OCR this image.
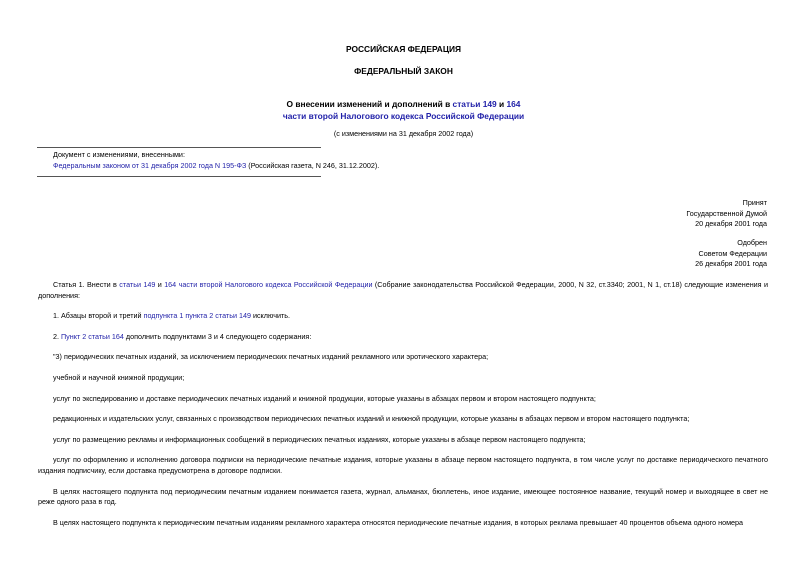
РОССИЙСКАЯ ФЕДЕРАЦИЯ
ФЕДЕРАЛЬНЫЙ ЗАКОН
О внесении изменений и дополнений в статьи 149 и 164
части второй Налогового кодекса Российской Федерации
(с изменениями на 31 декабря 2002 года)
Документ с изменениями, внесенными:
Федеральным законом от 31 декабря 2002 года N 195-ФЗ (Российская газета, N 246, 31.12.2002).
Принят
Государственной Думой
20 декабря 2001 года
Одобрен
Советом Федерации
26 декабря 2001 года

Статья 1. Внести в статьи 149 и 164 части второй Налогового кодекса Российской Федерации (Собрание законодательства Российской Федерации, 2000, N 32, ст.3340; 2001, N 1, ст.18) следующие изменения и дополнения:

1. Абзацы второй и третий подпункта 1 пункта 2 статьи 149 исключить.

2. Пункт 2 статьи 164 дополнить подпунктами 3 и 4 следующего содержания:

"3) периодических печатных изданий, за исключением периодических печатных изданий рекламного или эротического характера;

учебной и научной книжной продукции;

услуг по экспедированию и доставке периодических печатных изданий и книжной продукции, которые указаны в абзацах первом и втором настоящего подпункта;

редакционных и издательских услуг, связанных с производством периодических печатных изданий и книжной продукции, которые указаны в абзацах первом и втором настоящего подпункта;

услуг по размещению рекламы и информационных сообщений в периодических печатных изданиях, которые указаны в абзаце первом настоящего подпункта;

услуг по оформлению и исполнению договора подписки на периодические печатные издания, которые указаны в абзаце первом настоящего подпункта, в том числе услуг по доставке периодического печатного издания подписчику, если доставка предусмотрена в договоре подписки.

В целях настоящего подпункта под периодическим печатным изданием понимается газета, журнал, альманах, бюллетень, иное издание, имеющее постоянное название, текущий номер и выходящее в свет не реже одного раза в год.

В целях настоящего подпункта к периодическим печатным изданиям рекламного характера относятся периодические печатные издания, в которых реклама превышает 40 процентов объема одного номера
